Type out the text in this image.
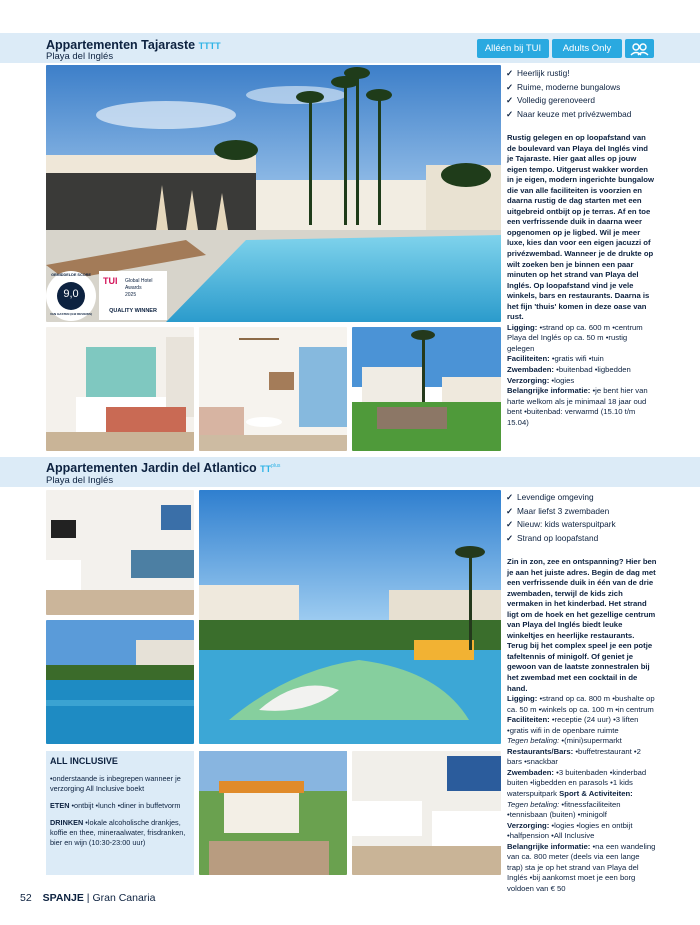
Appartementen Tajaraste TTTT
Playa del Inglés
Alléén bij TUI	Adults Only
9,0
GEMIDDELDE SCORE
VAN GASTEN (942 REVIEWS)
TUI Global Hotel
Awards
2025
QUALITY WINNER
✓ Heerlijk rustig!
✓ Ruime, moderne bungalows
✓ Volledig gerenoveerd
✓ Naar keuze met privézwembad
Rustig gelegen en op loopafstand van de boulevard van Playa del Inglés vind je Tajaraste. Hier gaat alles op jouw eigen tempo. Uitgerust wakker worden in je eigen, modern ingerichte bungalow die van alle faciliteiten is voorzien en daarna rustig de dag starten met een uitgebreid ontbijt op je terras. Af en toe een verfrissende duik in daarna weer opgenomen op je ligbed. Wil je meer luxe, kies dan voor een eigen jacuzzi of privézwembad. Wanneer je de drukte op wilt zoeken ben je binnen een paar minuten op het strand van Playa del Inglés. Op loopafstand vind je vele winkels, bars en restaurants. Daarna is het fijn 'thuis' komen in deze oase van rust.
Ligging: •strand op ca. 600 m •centrum Playa del Inglés op ca. 50 m •rustig gelegen
Faciliteiten: •gratis wifi •tuin
Zwembaden: •buitenbad •ligbedden
Verzorging: •logies
Belangrijke informatie: •je bent hier van harte welkom als je minimaal 18 jaar oud bent •buitenbad: verwarmd (15.10 t/m 15.04)
Appartementen Jardin del Atlantico $TT^{plus}$
Playa del Inglés
ALL INCLUSIVE

•onderstaande is inbegrepen wanneer je verzorging All Inclusive boekt

ETEN •ontbijt •lunch •diner in buffetvorm

DRINKEN •lokale alcoholische drankjes, koffie en thee, mineraalwater, frisdranken, bier en wijn (10:30-23:00 uur)

✓ Levendige omgeving
✓ Maar liefst 3 zwembaden
✓ Nieuw: kids waterspuitpark
✓ Strand op loopafstand
Zin in zon, zee en ontspanning? Hier ben je aan het juiste adres. Begin de dag met een verfrissende duik in één van de drie zwembaden, terwijl de kids zich vermaken in het kinderbad. Het strand ligt om de hoek en het gezellige centrum van Playa del Inglés biedt leuke winkeltjes en heerlijke restaurants. Terug bij het complex speel je een potje tafeltennis of minigolf. Of geniet je gewoon van de laatste zonnestralen bij het zwembad met een cocktail in de hand.
Ligging: •strand op ca. 800 m •bushalte op ca. 50 m •winkels op ca. 100 m •in centrum
Faciliteiten: •receptie (24 uur) •3 liften •gratis wifi in de openbare ruimte
Tegen betaling: •(mini)supermarkt
Restaurants/Bars: •buffetrestaurant •2 bars •snackbar
Zwembaden: •3 buitenbaden •kinderbad buiten •ligbedden en parasols •1 kids waterspuitpark Sport & Activiteiten:
Tegen betaling: •fitnessfaciliteiten •tennisbaan (buiten) •minigolf
Verzorging: •logies •logies en ontbijt •halfpension •All Inclusive
Belangrijke informatie: •na een wandeling van ca. 800 meter (deels via een lange trap) sta je op het strand van Playa del Inglés •bij aankomst moet je een borg voldoen van € 50
52 SPANJE | Gran Canaria
